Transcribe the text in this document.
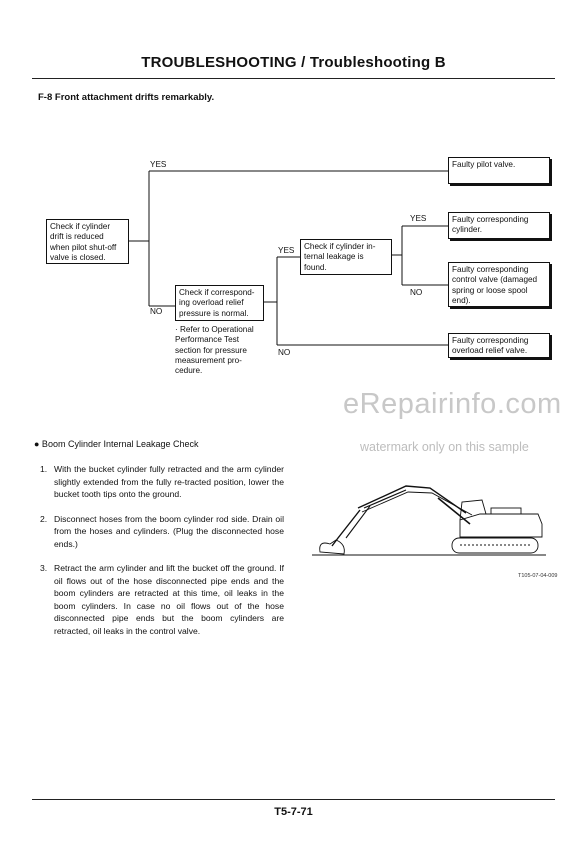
TROUBLESHOOTING / Troubleshooting B
F-8 Front attachment drifts remarkably.
Check if cylinder drift is reduced when pilot shut-off valve is closed.
Check if correspond-ing overload relief pressure is normal.
Check if cylinder in-ternal leakage is found.
Faulty pilot valve.
Faulty corresponding cylinder.
Faulty corresponding control valve (damaged spring or loose spool end).
Faulty corresponding overload relief valve.
YES
NO
YES
NO
YES
NO
· Refer to Operational Performance Test section for pressure measurement pro-cedure.
eRepairinfo.com
watermark only on this sample
● Boom Cylinder Internal Leakage Check
1. With the bucket cylinder fully retracted and the arm cylinder slightly extended from the fully re-tracted position, lower the bucket tooth tips onto the ground.
2. Disconnect hoses from the boom cylinder rod side. Drain oil from the hoses and cylinders. (Plug the disconnected hose ends.)
3. Retract the arm cylinder and lift the bucket off the ground. If oil flows out of the hose disconnected pipe ends and the boom cylinders are retracted at this time, oil leaks in the boom cylinders. In case no oil flows out of the hose disconnected pipe ends but the boom cylinders are retracted, oil leaks in the control valve.
T105-07-04-009
T5-7-71
